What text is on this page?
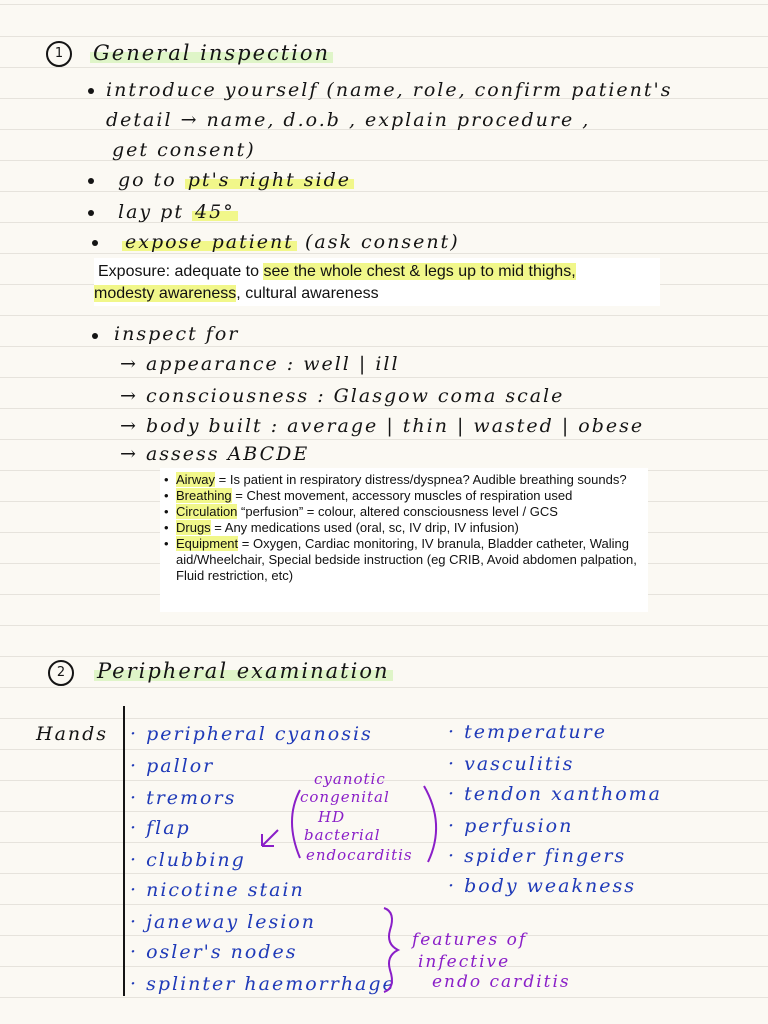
1	General inspection
introduce yourself (name, role, confirm patient's
detail → name, d.o.b , explain procedure ,
get consent)
go to pt's right side
lay pt 45°
expose patient (ask consent)
Exposure: adequate to see the whole chest & legs up to mid thighs,
modesty awareness, cultural awareness
inspect for
→ appearance : well | ill
→ consciousness : Glasgow coma scale
→ body built : average | thin | wasted | obese
→ assess ABCDE
• Airway = Is patient in respiratory distress/dyspnea? Audible breathing sounds?
• Breathing = Chest movement, accessory muscles of respiration used
• Circulation “perfusion” = colour, altered consciousness level / GCS
• Drugs = Any medications used (oral, sc, IV drip, IV infusion)
• Equipment = Oxygen, Cardiac monitoring, IV branula, Bladder catheter, Waling aid/Wheelchair, Special bedside instruction (eg CRIB, Avoid abdomen palpation, Fluid restriction, etc)
2	Peripheral examination
Hands · peripheral cyanosis
· pallor
· tremors
· flap
· clubbing
· nicotine stain
· janeway lesion
· osler's nodes
· splinter haemorrhage
· temperature
· vasculitis
· tendon xanthoma
· perfusion
· spider fingers
· body weakness
cyanotic
congenital
HD
bacterial
endocarditis
features of
infective
endo carditis
